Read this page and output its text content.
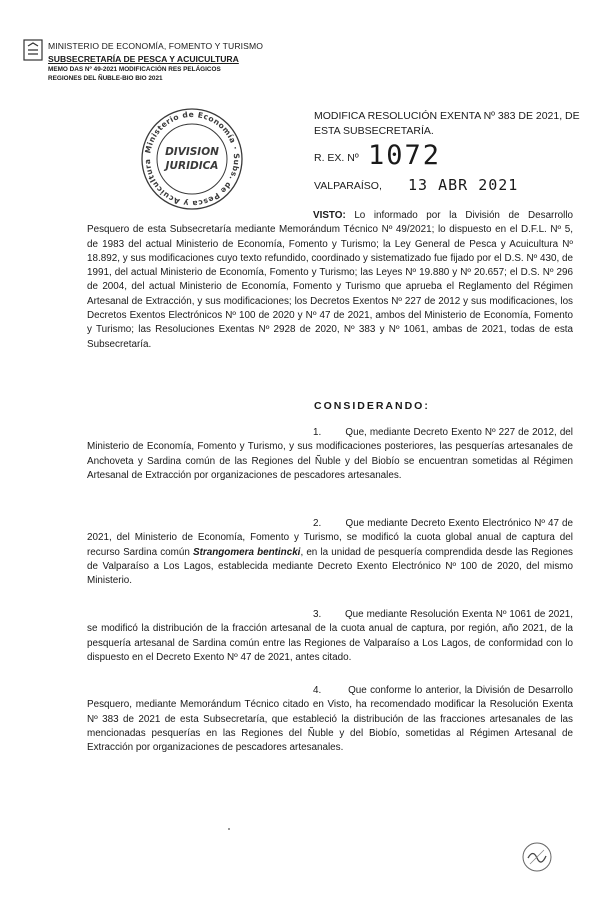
MINISTERIO DE ECONOMÍA, FOMENTO Y TURISMO
SUBSECRETARÍA DE PESCA Y ACUICULTURA
MEMO DAS Nº 49-2021 MODIFICACIÓN RES PELÁGICOS
REGIONES DEL ÑUBLE-BIO BIO 2021
Ministerio de Economía · Subs. de Pesca y Acuicultura
DIVISION
JURIDICA
MODIFICA RESOLUCIÓN EXENTA Nº 383 DE 2021, DE ESTA SUBSECRETARÍA.
R. EX. Nº 1072
VALPARAÍSO, 13 ABR 2021
VISTO: Lo informado por la División de Desarrollo Pesquero de esta Subsecretaría mediante Memorándum Técnico Nº 49/2021; lo dispuesto en el D.F.L. Nº 5, de 1983 del actual Ministerio de Economía, Fomento y Turismo; la Ley General de Pesca y Acuicultura Nº 18.892, y sus modificaciones cuyo texto refundido, coordinado y sistematizado fue fijado por el D.S. Nº 430, de 1991, del actual Ministerio de Economía, Fomento y Turismo; las Leyes Nº 19.880 y Nº 20.657; el D.S. Nº 296 de 2004, del actual Ministerio de Economía, Fomento y Turismo que aprueba el Reglamento del Régimen Artesanal de Extracción, y sus modificaciones; los Decretos Exentos Nº 227 de 2012 y sus modificaciones, los Decretos Exentos Electrónicos Nº 100 de 2020 y Nº 47 de 2021, ambos del Ministerio de Economía, Fomento y Turismo; las Resoluciones Exentas Nº 2928 de 2020, Nº 383 y Nº 1061, ambas de 2021, todas de esta Subsecretaría.
CONSIDERANDO:
1.        Que, mediante Decreto Exento Nº 227 de 2012, del Ministerio de Economía, Fomento y Turismo, y sus modificaciones posteriores, las pesquerías artesanales de Anchoveta y Sardina común de las Regiones del Ñuble y del Biobío se encuentran sometidas al Régimen Artesanal de Extracción por organizaciones de pescadores artesanales.
2.        Que mediante Decreto Exento Electrónico Nº 47 de 2021, del Ministerio de Economía, Fomento y Turismo, se modificó la cuota global anual de captura del recurso Sardina común Strangomera bentincki, en la unidad de pesquería comprendida desde las Regiones de Valparaíso a Los Lagos, establecida mediante Decreto Exento Electrónico Nº 100 de 2020, del mismo Ministerio.
3.        Que mediante Resolución Exenta Nº 1061 de 2021, se modificó la distribución de la fracción artesanal de la cuota anual de captura, por región, año 2021, de la pesquería artesanal de Sardina común entre las Regiones de Valparaíso a Los Lagos, de conformidad con lo dispuesto en el Decreto Exento Nº 47 de 2021, antes citado.
4.        Que conforme lo anterior, la División de Desarrollo Pesquero, mediante Memorándum Técnico citado en Visto, ha recomendado modificar la Resolución Exenta Nº 383 de 2021 de esta Subsecretaría, que estableció la distribución de las fracciones artesanales de las mencionadas pesquerías en las Regiones del Ñuble y del Biobío, sometidas al Régimen Artesanal de Extracción por organizaciones de pescadores artesanales.
